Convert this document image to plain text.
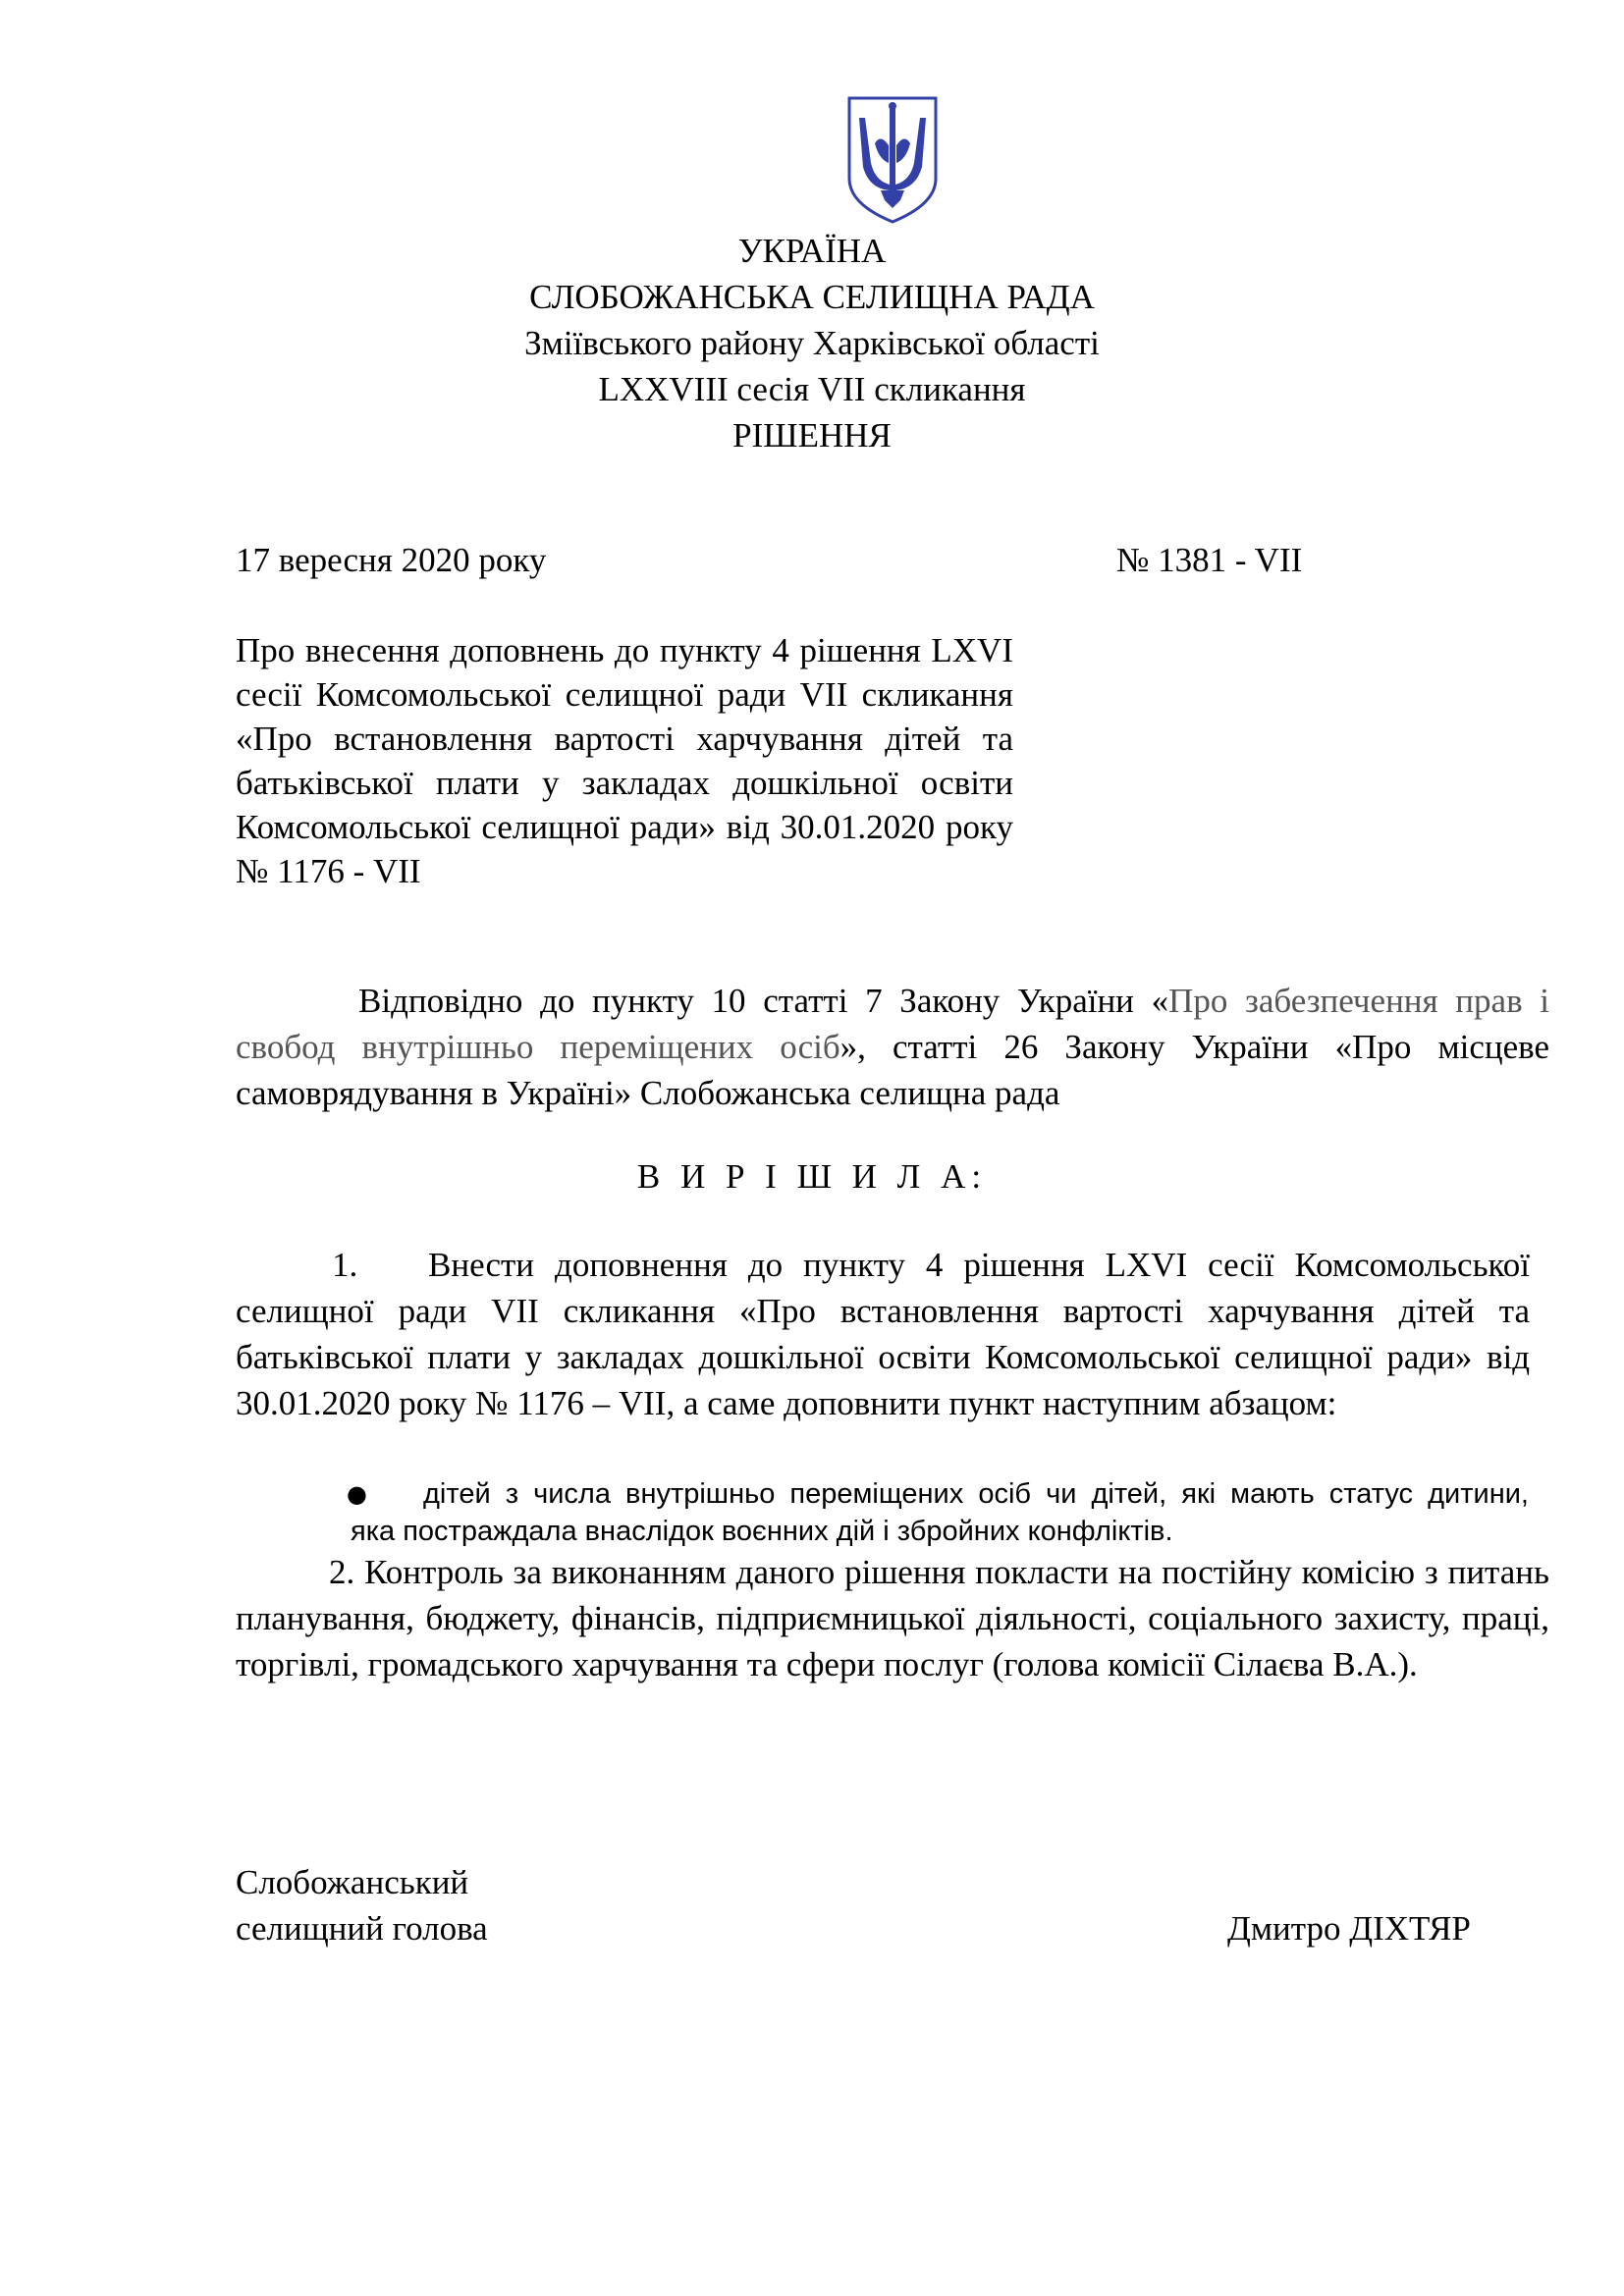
УКРАЇНА
СЛОБОЖАНСЬКА СЕЛИЩНА РАДА
Зміївського району Харківської області
LXXVIII сесія VII скликання
РІШЕННЯ
17 вересня 2020 року	№ 1381 - VII
Про внесення доповнень до пункту 4 рішення LXVI сесії Комсомольської селищної ради VII скликання «Про встановлення вартості харчування дітей та батьківської плати у закладах дошкільної освіти Комсомольської селищної ради» від 30.01.2020 року № 1176 - VII
Відповідно до пункту 10 статті 7 Закону України «Про забезпечення прав і свобод внутрішньо переміщених осіб», статті 26 Закону України «Про місцеве самоврядування в Україні» Слобожанська селищна рада
В И Р І Ш И Л А:
1. Внести доповнення до пункту 4 рішення LXVI сесії Комсомольської селищної ради VII скликання «Про встановлення вартості харчування дітей та батьківської плати у закладах дошкільної освіти Комсомольської селищної ради» від 30.01.2020 року № 1176 – VII, а саме доповнити пункт наступним абзацом:
● дітей з числа внутрішньо переміщених осіб чи дітей, які мають статус дитини,
яка постраждала внаслідок воєнних дій і збройних конфліктів.
2. Контроль за виконанням даного рішення покласти на постійну комісію з питань планування, бюджету, фінансів, підприємницької діяльності, соціального захисту, праці, торгівлі, громадського харчування та сфери послуг (голова комісії Сілаєва В.А.).
Слобожанський
селищний голова	Дмитро ДІХТЯР
